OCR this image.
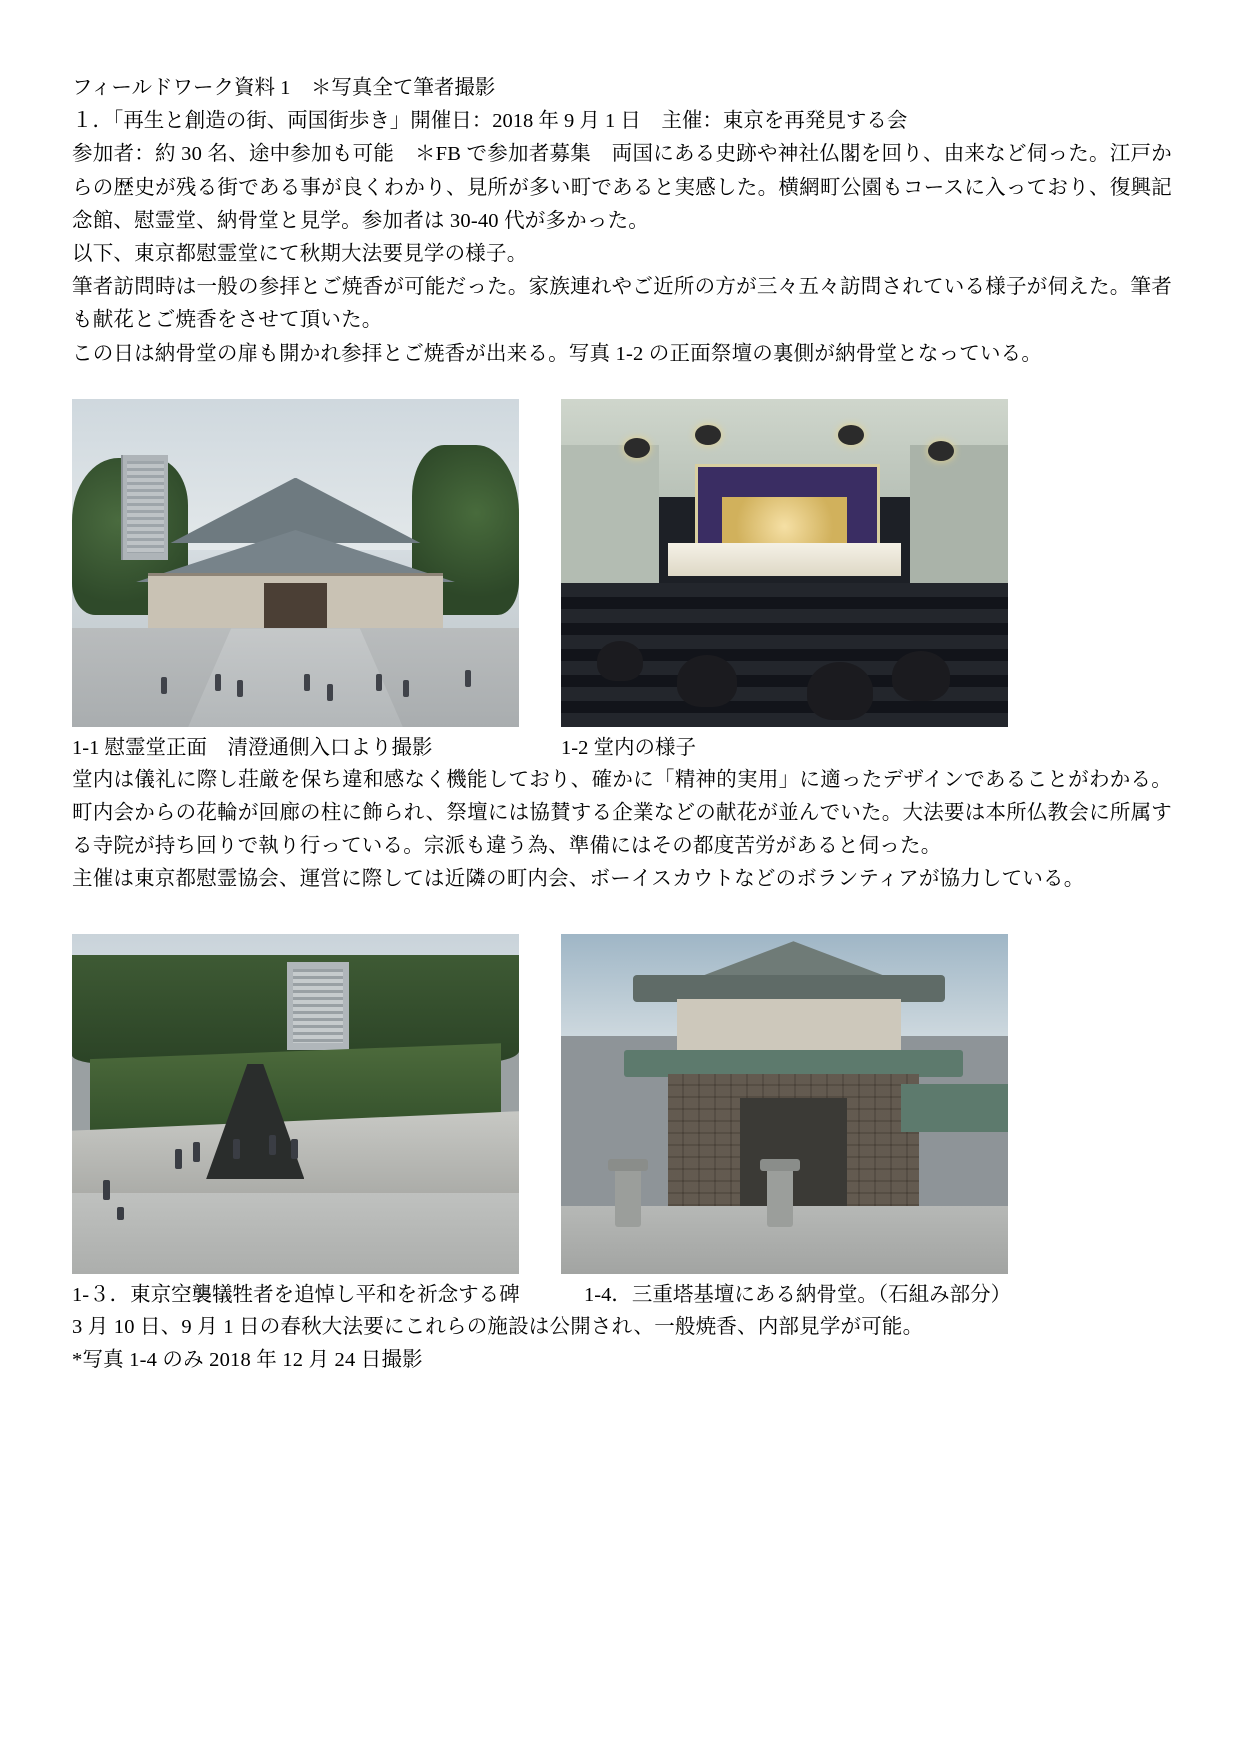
フィールドワーク資料 1　＊写真全て筆者撮影

１．「再生と創造の街、両国街歩き」開催日：2018 年 9 月 1 日　主催：東京を再発見する会

参加者：約 30 名、途中参加も可能　＊FB で参加者募集　両国にある史跡や神社仏閣を回り、由来など伺った。江戸からの歴史が残る街である事が良くわかり、見所が多い町であると実感した。横網町公園もコースに入っており、復興記念館、慰霊堂、納骨堂と見学。参加者は 30-40 代が多かった。

以下、東京都慰霊堂にて秋期大法要見学の様子。

筆者訪問時は一般の参拝とご焼香が可能だった。家族連れやご近所の方が三々五々訪問されている様子が伺えた。筆者も献花とご焼香をさせて頂いた。

この日は納骨堂の扉も開かれ参拝とご焼香が出来る。写真 1-2 の正面祭壇の裏側が納骨堂となっている。

1-1 慰霊堂正面　清澄通側入口より撮影	1-2 堂内の様子

堂内は儀礼に際し荘厳を保ち違和感なく機能しており、確かに「精神的実用」に適ったデザインであることがわかる。町内会からの花輪が回廊の柱に飾られ、祭壇には協賛する企業などの献花が並んでいた。大法要は本所仏教会に所属する寺院が持ち回りで執り行っている。宗派も違う為、準備にはその都度苦労があると伺った。

主催は東京都慰霊協会、運営に際しては近隣の町内会、ボーイスカウトなどのボランティアが協力している。

1-３．東京空襲犠牲者を追悼し平和を祈念する碑	1-4．三重塔基壇にある納骨堂。（石組み部分）

3 月 10 日、9 月 1 日の春秋大法要にこれらの施設は公開され、一般焼香、内部見学が可能。

*写真 1-4 のみ 2018 年 12 月 24 日撮影
